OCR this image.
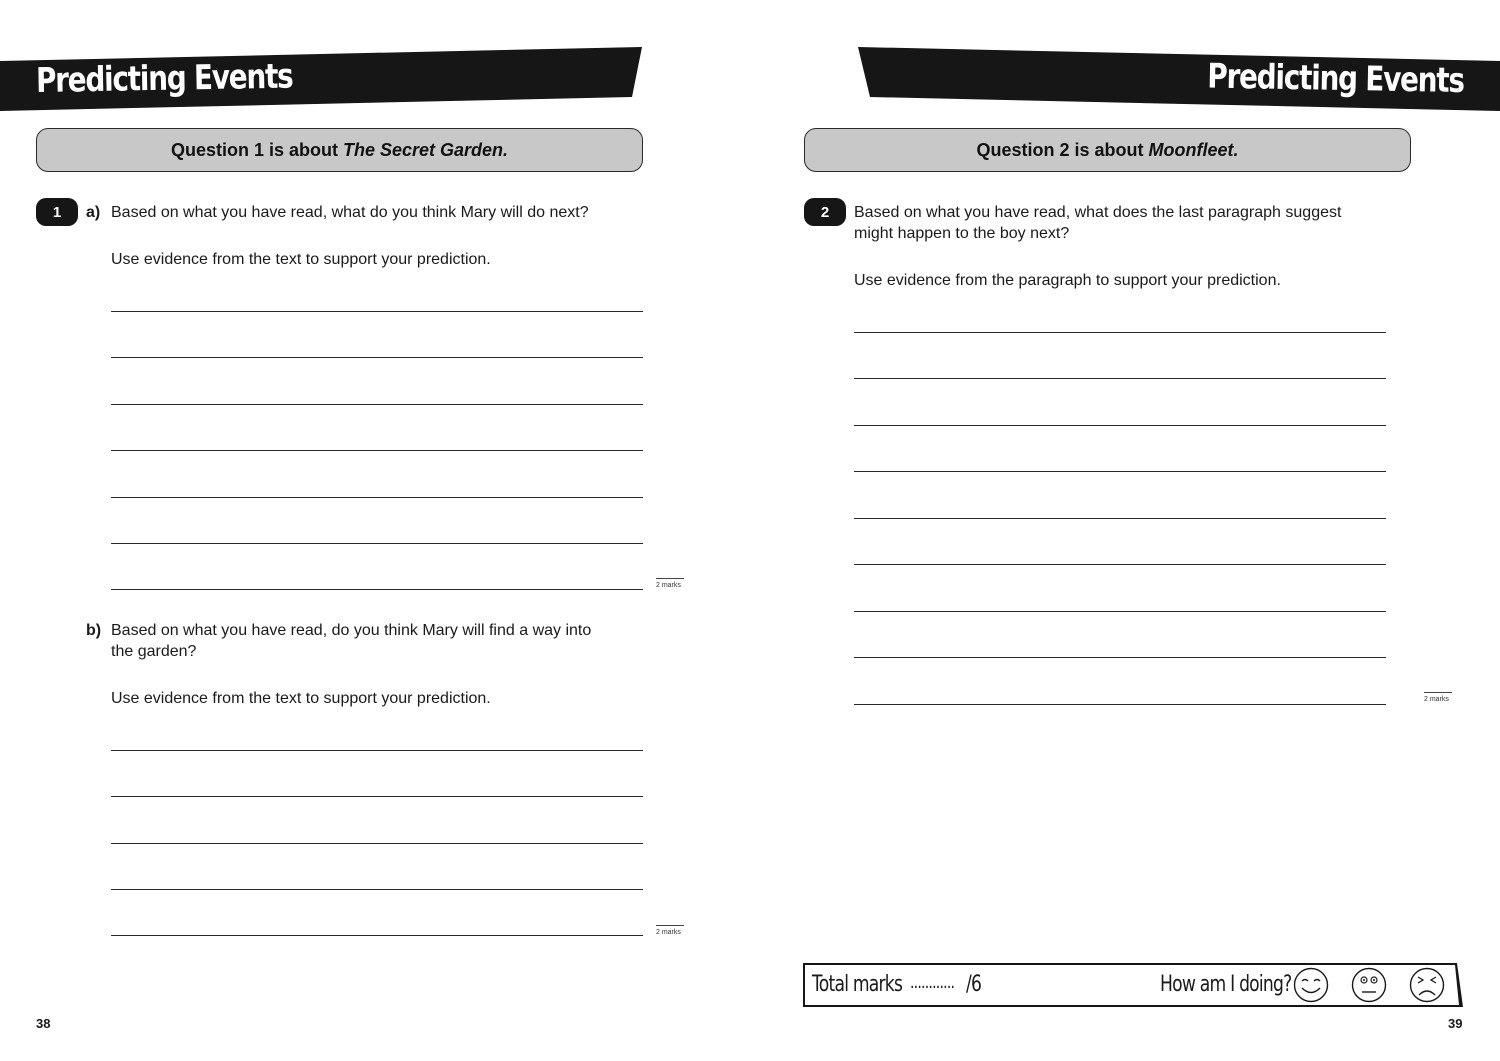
Predicting Events
Question 1 is about The Secret Garden.
1	a) Based on what you have read, what do you think Mary will do next?
Use evidence from the text to support your prediction.
2 marks
b) Based on what you have read, do you think Mary will find a way into
the garden?
Use evidence from the text to support your prediction.
2 marks
38
Predicting Events
Question 2 is about Moonfleet.
2	Based on what you have read, what does the last paragraph suggest
might happen to the boy next?
Use evidence from the paragraph to support your prediction.
2 marks
Total marks ............ /6	How am I doing?
39
